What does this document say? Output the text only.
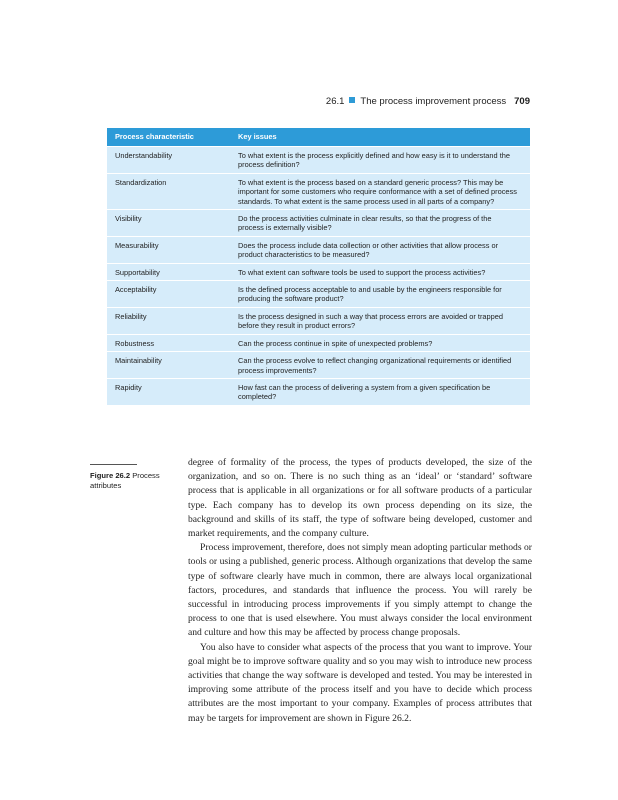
26.1 The process improvement process 709
Process characteristic	Key issues
Understandability	To what extent is the process explicitly defined and how easy is it to understand the process definition?
Standardization	To what extent is the process based on a standard generic process? This may be important for some customers who require conformance with a set of defined process standards. To what extent is the same process used in all parts of a company?
Visibility	Do the process activities culminate in clear results, so that the progress of the process is externally visible?
Measurability	Does the process include data collection or other activities that allow process or product characteristics to be measured?
Supportability	To what extent can software tools be used to support the process activities?
Acceptability	Is the defined process acceptable to and usable by the engineers responsible for producing the software product?
Reliability	Is the process designed in such a way that process errors are avoided or trapped before they result in product errors?
Robustness	Can the process continue in spite of unexpected problems?
Maintainability	Can the process evolve to reflect changing organizational requirements or identified process improvements?
Rapidity	How fast can the process of delivering a system from a given specification be completed?
Figure 26.2 Process attributes

degree of formality of the process, the types of products developed, the size of the organization, and so on. There is no such thing as an ‘ideal’ or ‘standard’ software process that is applicable in all organizations or for all software products of a particular type. Each company has to develop its own process depending on its size, the background and skills of its staff, the type of software being developed, customer and market requirements, and the company culture.

Process improvement, therefore, does not simply mean adopting particular methods or tools or using a published, generic process. Although organizations that develop the same type of software clearly have much in common, there are always local organizational factors, procedures, and standards that influence the process. You will rarely be successful in introducing process improvements if you simply attempt to change the process to one that is used elsewhere. You must always consider the local environment and culture and how this may be affected by process change proposals.

You also have to consider what aspects of the process that you want to improve. Your goal might be to improve software quality and so you may wish to introduce new process activities that change the way software is developed and tested. You may be interested in improving some attribute of the process itself and you have to decide which process attributes are the most important to your company. Examples of process attributes that may be targets for improvement are shown in Figure 26.2.
